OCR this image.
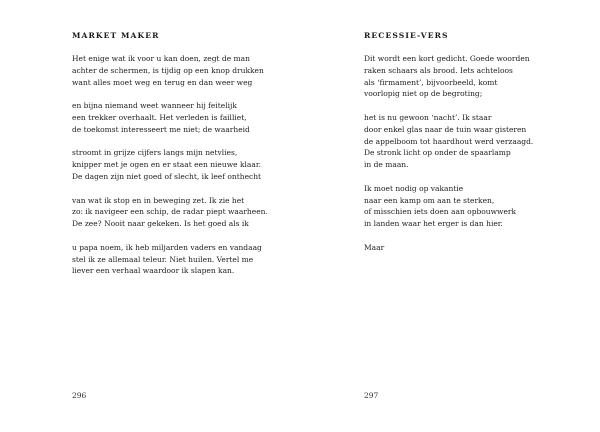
MARKET MAKER
Het enige wat ik voor u kan doen, zegt de man
achter de schermen, is tijdig op een knop drukken
want alles moet weg en terug en dan weer weg
en bijna niemand weet wanneer hij feitelijk
een trekker overhaalt. Het verleden is failliet,
de toekomst interesseert me niet; de waarheid
stroomt in grijze cijfers langs mijn netvlies,
knipper met je ogen en er staat een nieuwe klaar.
De dagen zijn niet goed of slecht, ik leef onthecht
van wat ik stop en in beweging zet. Ik zie het
zo: ik navigeer een schip, de radar piept waarheen.
De zee? Nooit naar gekeken. Is het goed als ik
u papa noem, ik heb miljarden vaders en vandaag
stel ik ze allemaal teleur. Niet huilen. Vertel me
liever een verhaal waardoor ik slapen kan.

296

RECESSIE-VERS
Dit wordt een kort gedicht. Goede woorden
raken schaars als brood. Iets achteloos
als ‘firmament’, bijvoorbeeld, komt
voorlopig niet op de begroting;
het is nu gewoon ‘nacht’. Ik staar
door enkel glas naar de tuin waar gisteren
de appelboom tot haardhout werd verzaagd.
De stronk licht op onder de spaarlamp
in de maan.
Ik moet nodig op vakantie
naar een kamp om aan te sterken,
of misschien iets doen aan opbouwwerk
in landen waar het erger is dan hier.
Maar

297
